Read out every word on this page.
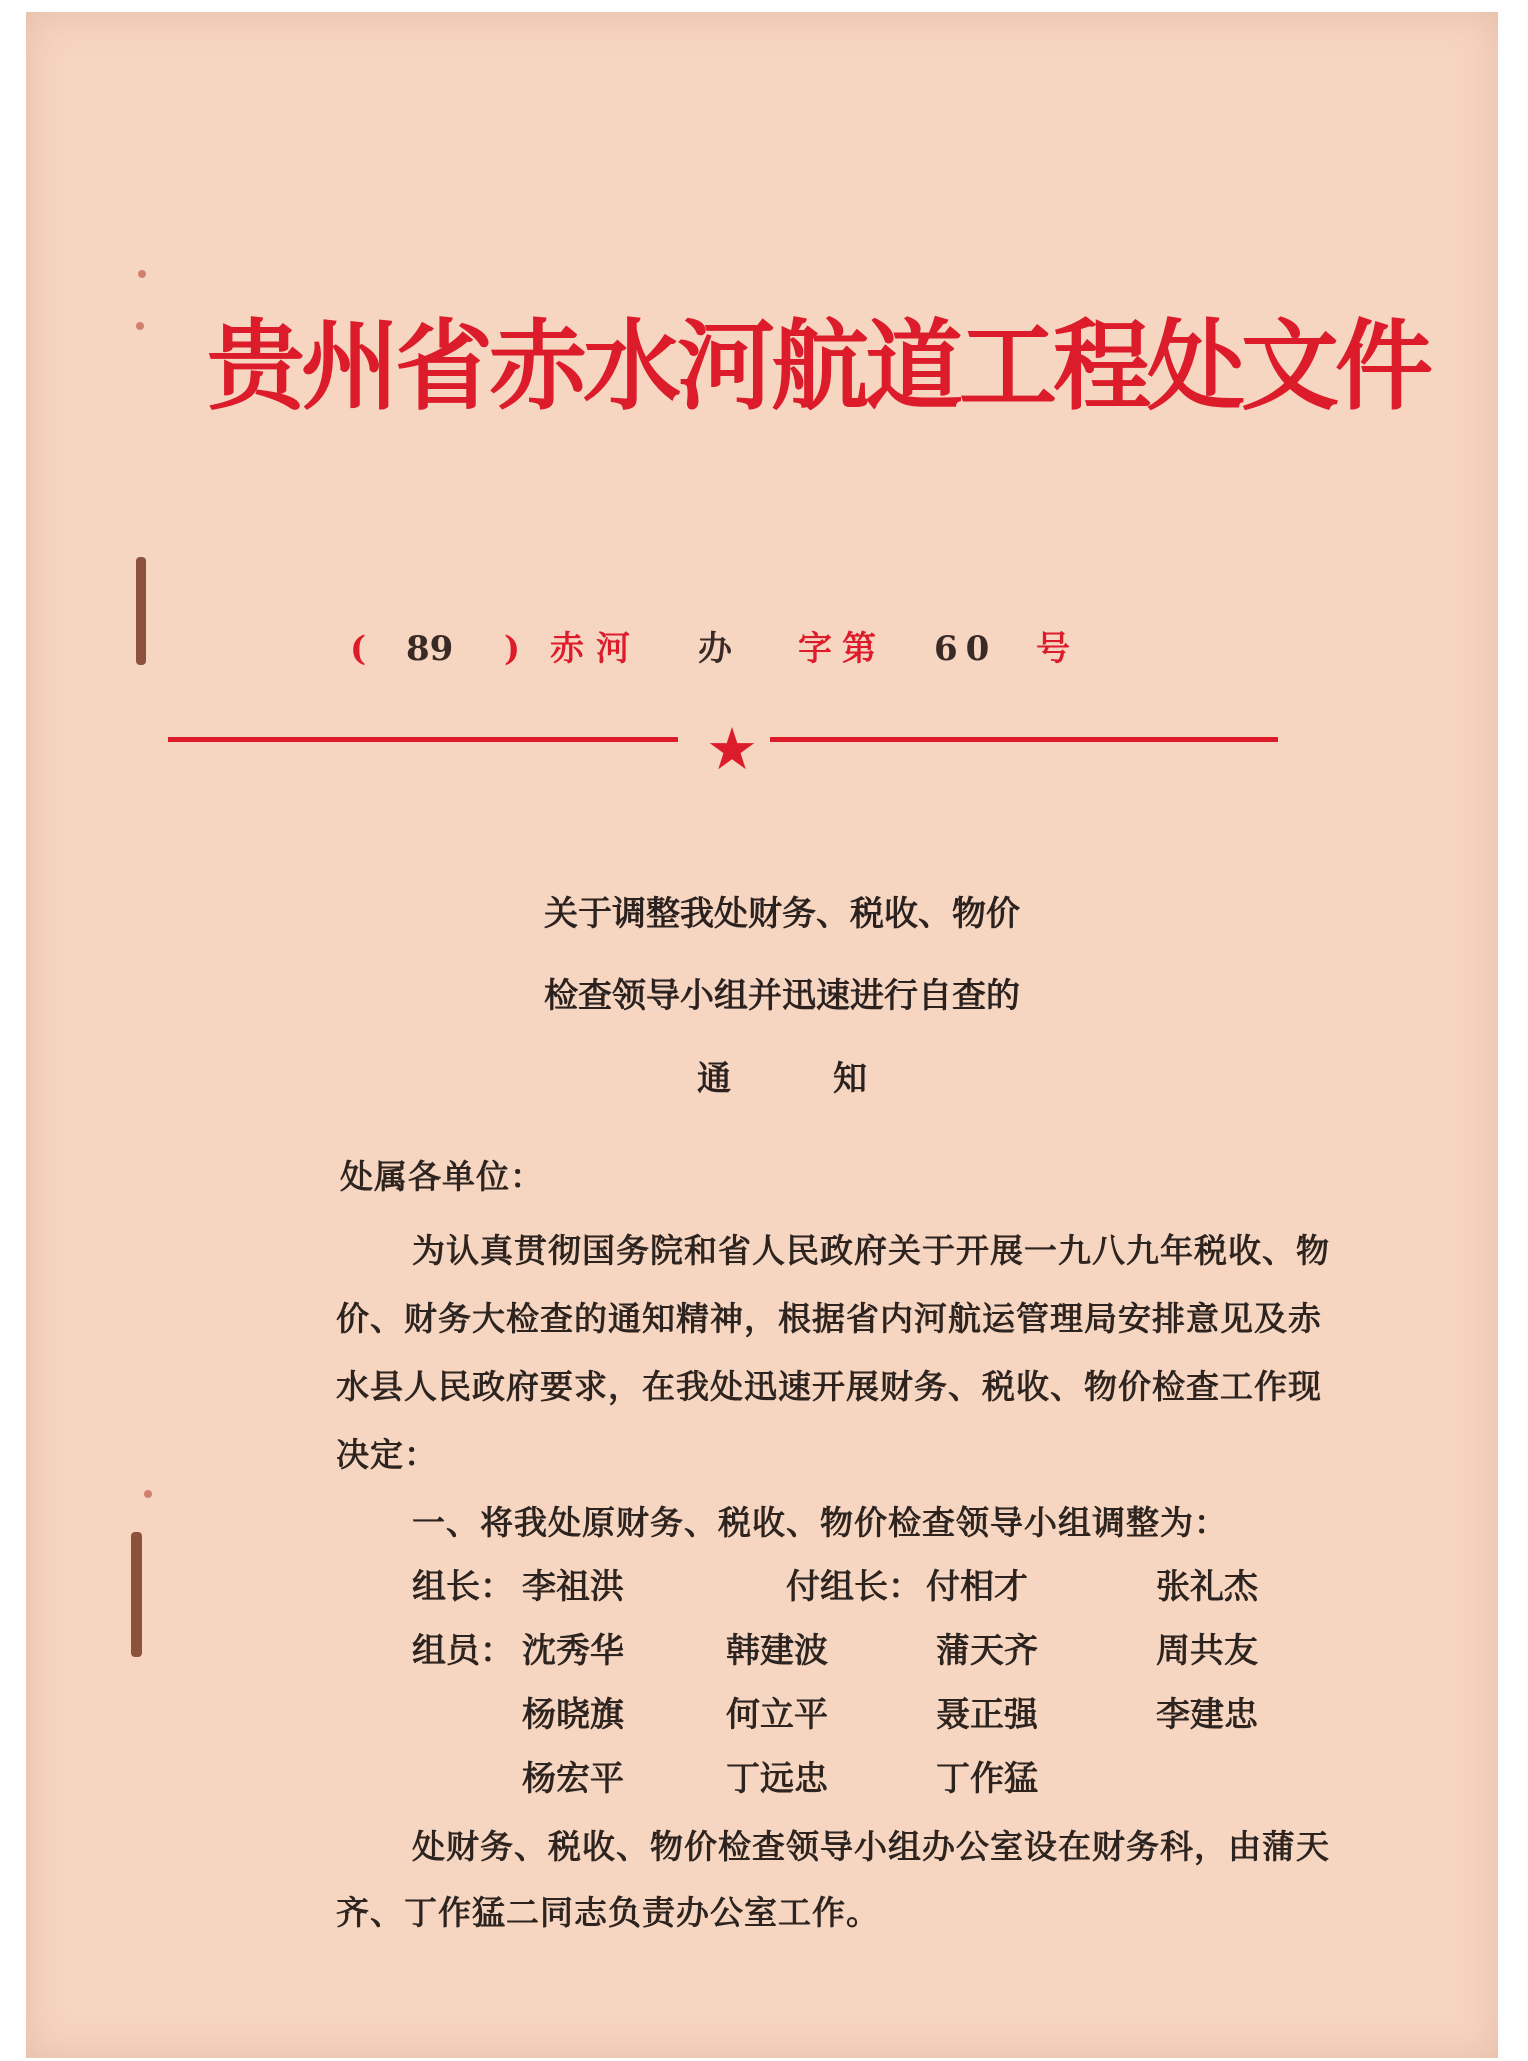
贵州省赤水河航道工程处文件
( 89 ) 赤河 办 字第 60 号
★
关于调整我处财务、税收、物价
检查领导小组并迅速进行自查的
通　　　知
处属各单位：
为认真贯彻国务院和省人民政府关于开展一九八九年税收、物
价、财务大检查的通知精神，根据省内河航运管理局安排意见及赤
水县人民政府要求，在我处迅速开展财务、税收、物价检查工作现
决定：
一、将我处原财务、税收、物价检查领导小组调整为：
组长： 李祖洪	付组长： 付相才	张礼杰
组员： 沈秀华	韩建波	蒲天齐	周共友
杨晓旗	何立平	聂正强	李建忠
杨宏平	丁远忠	丁作猛
处财务、税收、物价检查领导小组办公室设在财务科，由蒲天
齐、丁作猛二同志负责办公室工作。
